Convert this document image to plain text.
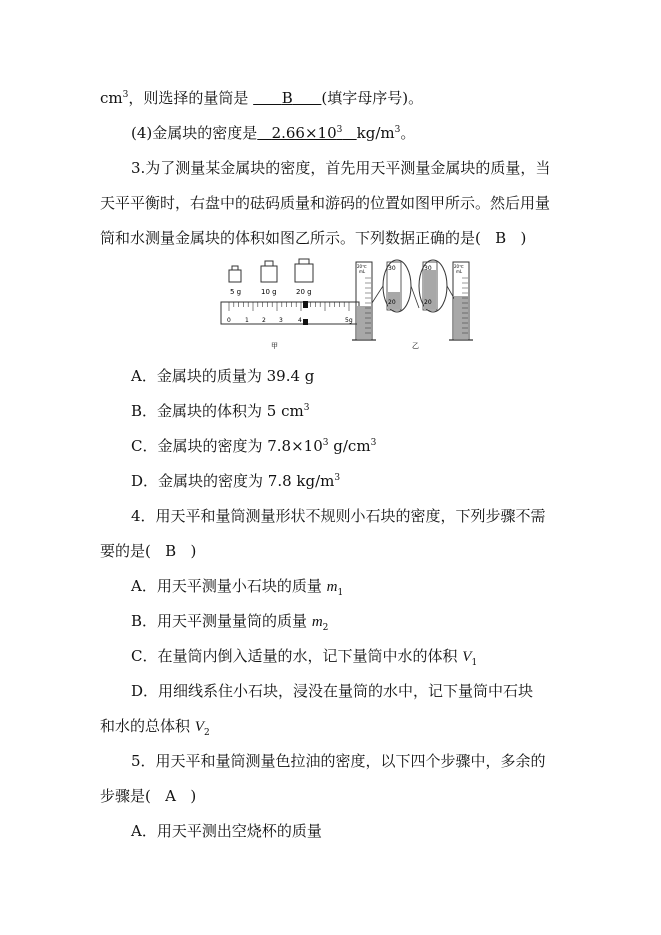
$cm^3$，则选择的量筒是 B (填字母序号)。
(4)金属块的密度是 $2.66\times 10^3$ $kg/m^3$。
3.为了测量某金属块的密度，首先用天平测量金属块的质量，当
天平平衡时，右盘中的砝码质量和游码的位置如图甲所示。然后用量
筒和水测量金属块的体积如图乙所示。下列数据正确的是( B )
5 g	10 g	20 g
0 1 2 3	4	5g
甲
20℃
mL	30
20
30
20
20℃
mL
乙
A．金属块的质量为 39.4 g
B．金属块的体积为 5 $cm^3$
C．金属块的密度为 $7.8\times 10^3$ $g/cm^3$
D．金属块的密度为 7.8 $kg/m^3$
4．用天平和量筒测量形状不规则小石块的密度，下列步骤不需
要的是( B )
A．用天平测量小石块的质量 $m_1$
B．用天平测量量筒的质量 $m_2$
C．在量筒内倒入适量的水，记下量筒中水的体积 $V_1$
D．用细线系住小石块，浸没在量筒的水中，记下量筒中石块
和水的总体积 $V_2$
5．用天平和量筒测量色拉油的密度，以下四个步骤中，多余的
步骤是( A )
A．用天平测出空烧杯的质量
